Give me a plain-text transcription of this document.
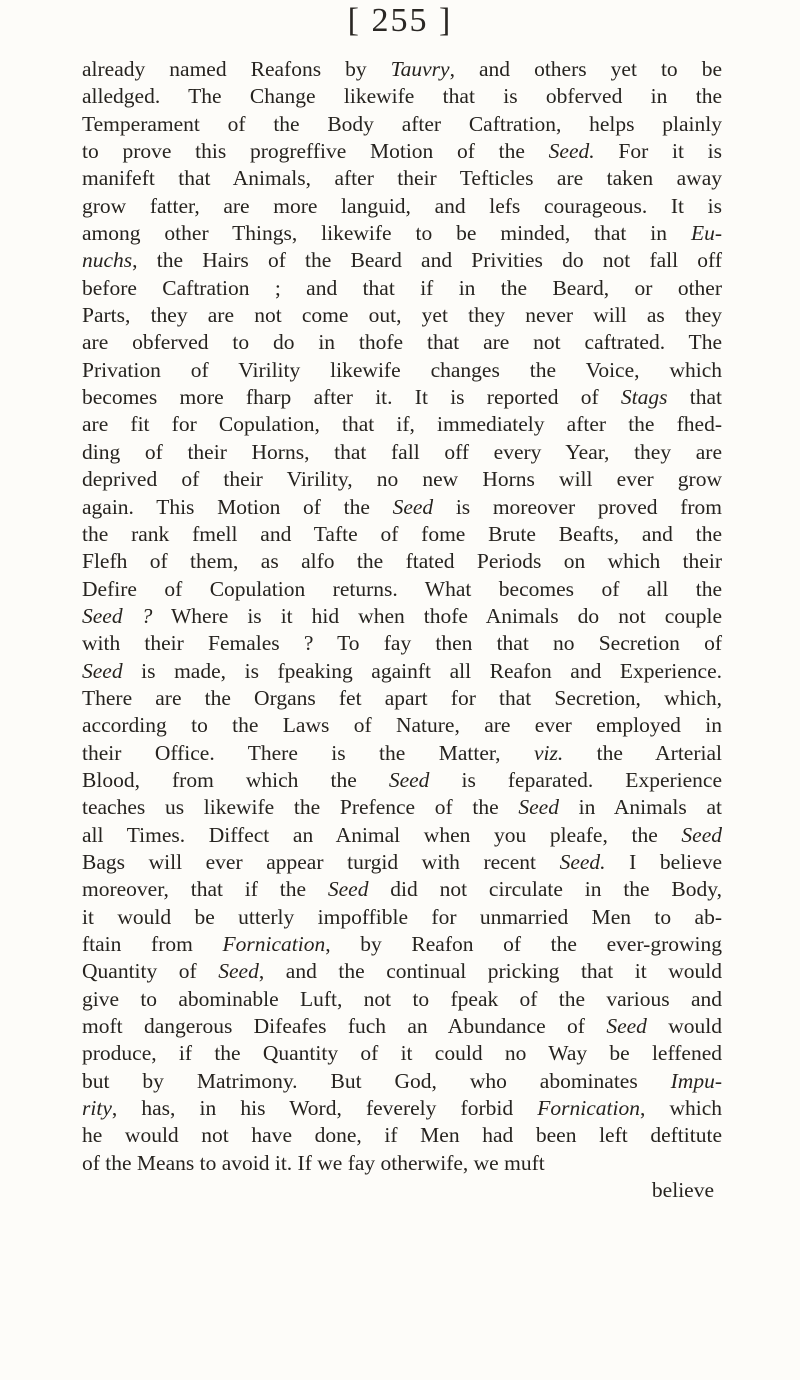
[ 255 ]
already named Reafons by Tauvry, and others yet to be
alledged. The Change likewife that is obferved in the
Temperament of the Body after Caftration, helps plainly
to prove this progreffive Motion of the Seed. For it is
manifeft that Animals, after their Tefticles are taken away
grow fatter, are more languid, and lefs courageous. It is
among other Things, likewife to be minded, that in Eu-
nuchs, the Hairs of the Beard and Privities do not fall off
before Caftration ; and that if in the Beard, or other
Parts, they are not come out, yet they never will as they
are obferved to do in thofe that are not caftrated. The
Privation of Virility likewife changes the Voice, which
becomes more fharp after it. It is reported of Stags that
are fit for Copulation, that if, immediately after the fhed-
ding of their Horns, that fall off every Year, they are
deprived of their Virility, no new Horns will ever grow
again. This Motion of the Seed is moreover proved from
the rank fmell and Tafte of fome Brute Beafts, and the
Flefh of them, as alfo the ftated Periods on which their
Defire of Copulation returns. What becomes of all the
Seed ? Where is it hid when thofe Animals do not couple
with their Females ? To fay then that no Secretion of
Seed is made, is fpeaking againft all Reafon and Experience.
There are the Organs fet apart for that Secretion, which,
according to the Laws of Nature, are ever employed in
their Office. There is the Matter, viz. the Arterial
Blood, from which the Seed is feparated. Experience
teaches us likewife the Prefence of the Seed in Animals at
all Times. Diffect an Animal when you pleafe, the Seed
Bags will ever appear turgid with recent Seed. I believe
moreover, that if the Seed did not circulate in the Body,
it would be utterly impoffible for unmarried Men to ab-
ftain from Fornication, by Reafon of the ever-growing
Quantity of Seed, and the continual pricking that it would
give to abominable Luft, not to fpeak of the various and
moft dangerous Difeafes fuch an Abundance of Seed would
produce, if the Quantity of it could no Way be leffened
but by Matrimony. But God, who abominates Impu-
rity, has, in his Word, feverely forbid Fornication, which
he would not have done, if Men had been left deftitute
of the Means to avoid it. If we fay otherwife, we muft
believe
